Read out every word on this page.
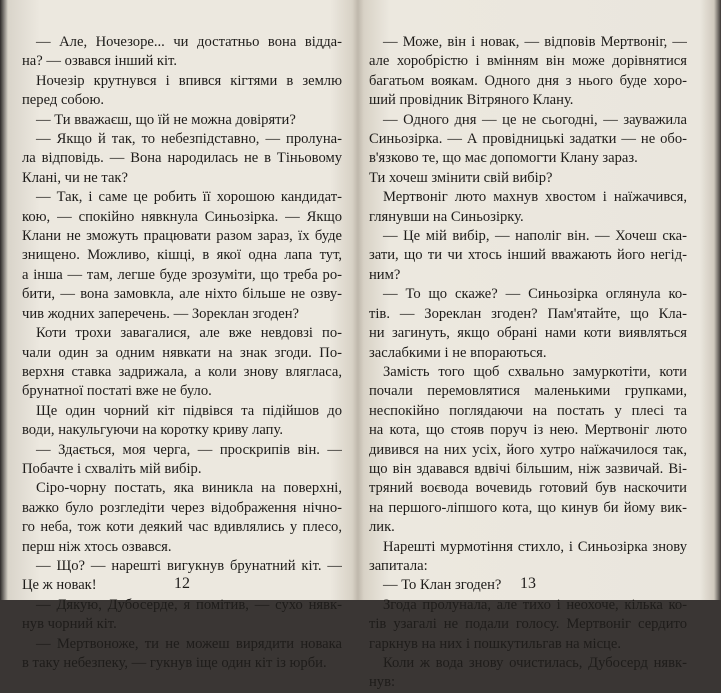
— Але, Ночезоре... чи достатньо вона відда-
на? — озвався інший кіт.
Ночезір крутнувся і впився кігтями в землю
перед собою.
— Ти вважаєш, що їй не можна довіряти?
— Якщо й так, то небезпідставно, — пролуна-
ла відповідь. — Вона народилась не в Тіньовому
Клані, чи не так?
— Так, і саме це робить її хорошою кандидат-
кою, — спокійно нявкнула Синьозірка. — Якщо
Клани не зможуть працювати разом зараз, їх буде
знищено. Можливо, кішці, в якої одна лапа тут,
а інша — там, легше буде зрозуміти, що треба ро-
бити, — вона замовкла, але ніхто більше не озву-
чив жодних заперечень. — Зореклан згоден?
Коти трохи завагалися, але вже невдовзі по-
чали один за одним нявкати на знак згоди. По-
верхня ставка задрижала, а коли знову влягласа,
брунатної постаті вже не було.
Ще один чорний кіт підвівся та підійшов до
води, накульгуючи на коротку криву лапу.
— Здається, моя черга, — проскрипів він. —
Побачте і схваліть мій вибір.
Сіро-чорну постать, яка виникла на поверхні,
важко було розгледіти через відображення нічно-
го неба, тож коти деякий час вдивлялись у плесо,
перш ніж хтось озвався.
— Що? — нарешті вигукнув брунатний кіт. —
Це ж новак!
— Дякую, Дубосерде, я помітив, — сухо нявк-
нув чорний кіт.
— Мертвоноже, ти не можеш вирядити новака
в таку небезпеку, — гукнув іще один кіт із юрби.
12
— Може, він і новак, — відповів Мертвоніг, —
але хоробрістю і вмінням він може дорівнятися
багатьом воякам. Одного дня з нього буде хоро-
ший провідник Вітряного Клану.
— Одного дня — це не сьогодні, — зауважила
Синьозірка. — А провідницькі задатки — не обо-
в'язково те, що має допомогти Клану зараз.
Ти хочеш змінити свій вибір?
Мертвоніг люто махнув хвостом і наїжачився,
глянувши на Синьозірку.
— Це мій вибір, — наполіг він. — Хочеш ска-
зати, що ти чи хтось інший вважають його негід-
ним?
— То що скаже? — Синьозірка оглянула ко-
тів. — Зореклан згоден? Пам'ятайте, що Кла-
ни загинуть, якщо обрані нами коти виявляться
заслабкими і не впораються.
Замість того щоб схвально замуркотіти, коти
почали перемовлятися маленькими групками,
неспокійно поглядаючи на постать у плесі та
на кота, що стояв поруч із нею. Мертвоніг люто
дивився на них усіх, його хутро наїжачилося так,
що він здавався вдвічі більшим, ніж зазвичай. Ві-
тряний воєвода вочевидь готовий був наскочити
на першого-ліпшого кота, що кинув би йому вик-
лик.
Нарешті мурмотіння стихло, і Синьозірка знову
запитала:
— То Клан згоден?
Згода пролунала, але тихо і неохоче, кілька ко-
тів узагалі не подали голосу. Мертвоніг сердито
гаркнув на них і пошкутильгав на місце.
Коли ж вода знову очистилась, Дубосерд нявк-
нув:
13
